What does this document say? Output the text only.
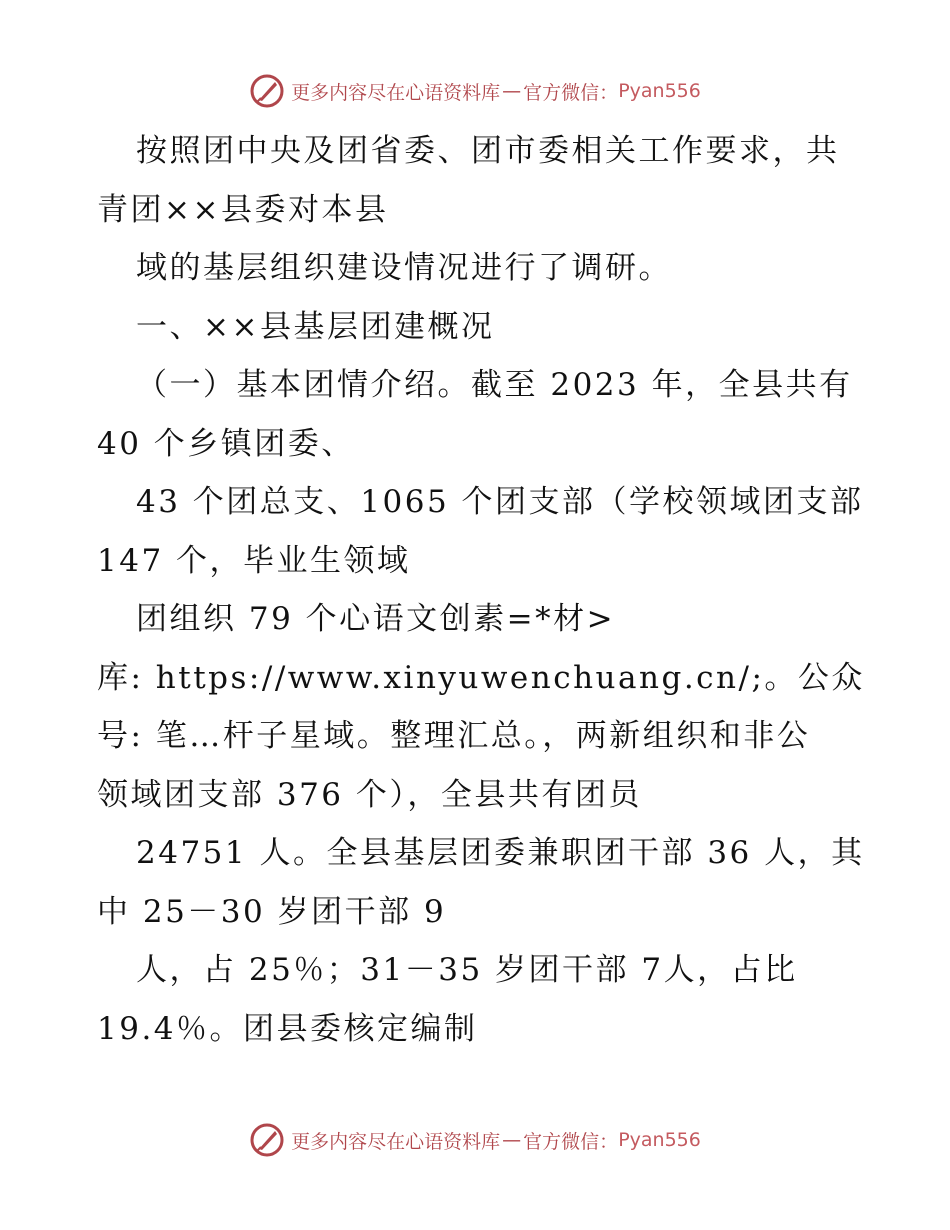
更多内容尽在心语资料库 — 官方微信： Pyan556
按照团中央及团省委、团市委相关工作要求，共
青团××县委对本县
域的基层组织建设情况进行了调研。
一、××县基层团建概况
（一）基本团情介绍。截至 2023 年，全县共有
40 个乡镇团委、
43 个团总支、1065 个团支部（学校领域团支部
147 个，毕业生领域
团组织 79 个心语文创素=*材>
库: https://www.xinyuwenchuang.cn/;。公众
号: 笔…杆子星域。整理汇总。，两新组织和非公
领域团支部 376 个），全县共有团员
24751 人。全县基层团委兼职团干部 36 人，其
中 25－30 岁团干部 9
人，占 25％；31－35 岁团干部 7人，占比
19.4％。团县委核定编制
更多内容尽在心语资料库 — 官方微信： Pyan556
